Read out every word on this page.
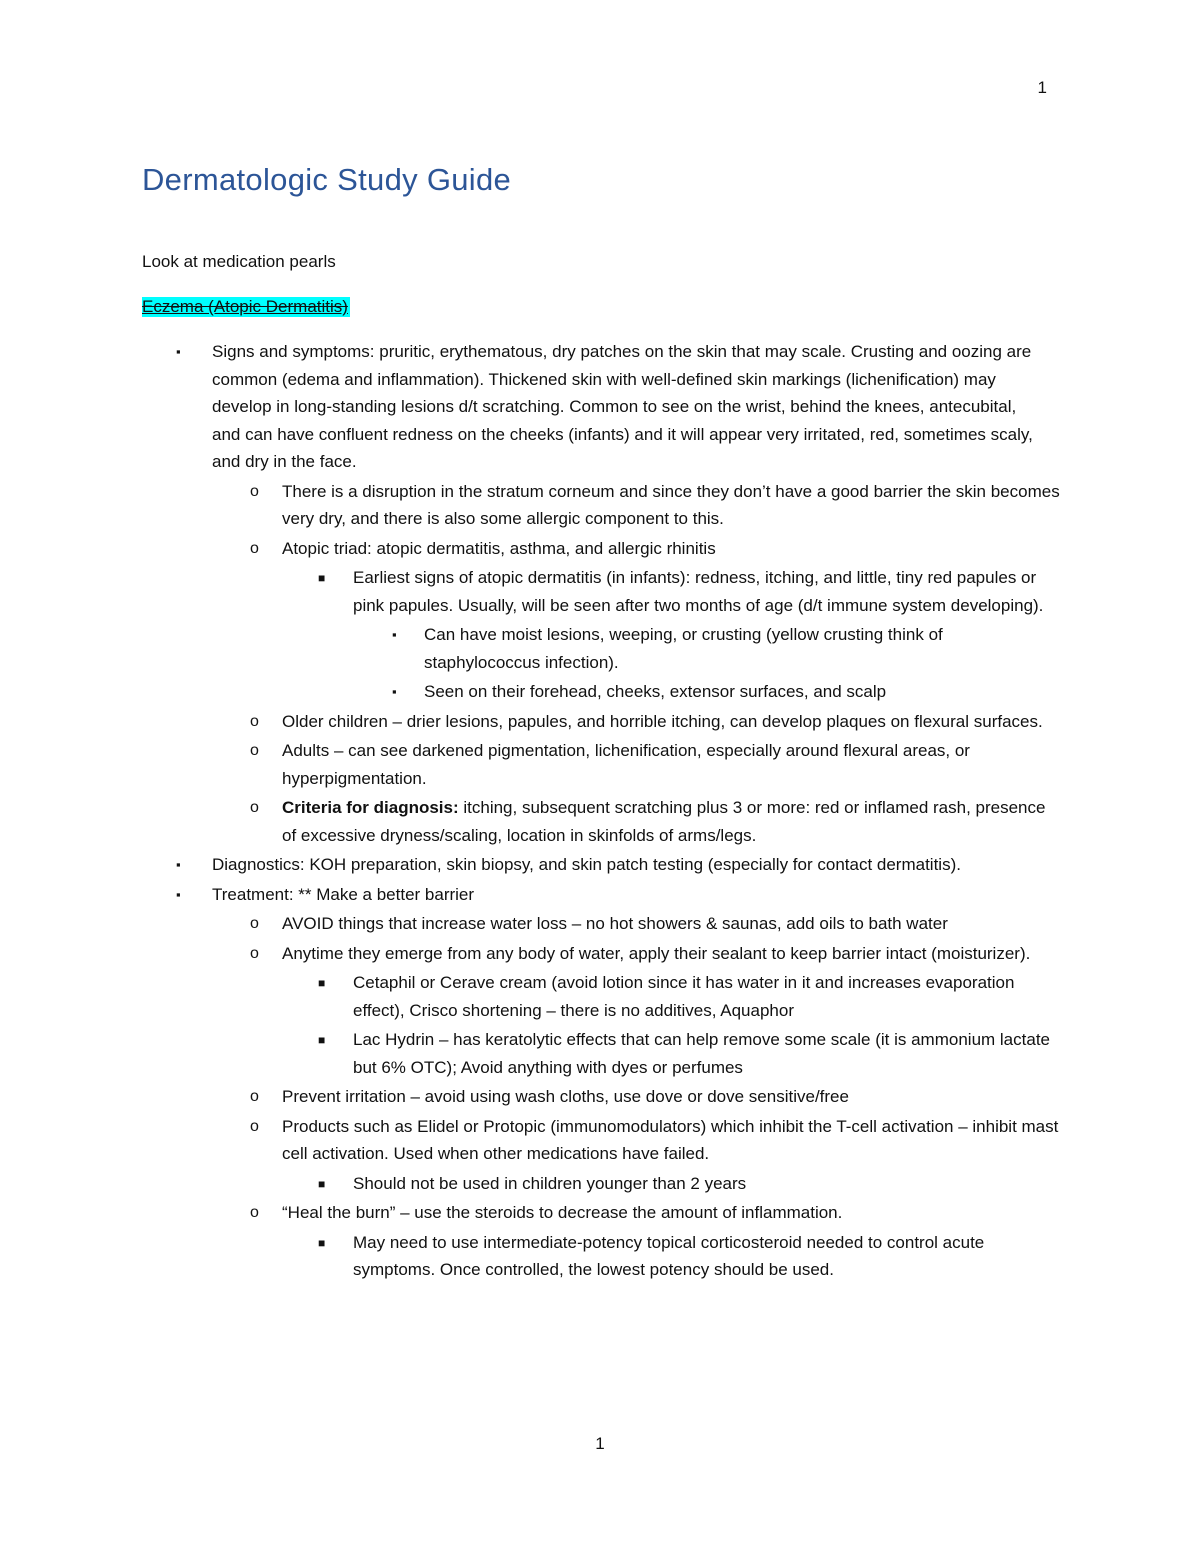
1
Dermatologic Study Guide
Look at medication pearls
Eczema (Atopic Dermatitis)
▪ Signs and symptoms: pruritic, erythematous, dry patches on the skin that may scale. Crusting and oozing are common (edema and inflammation). Thickened skin with well-defined skin markings (lichenification) may develop in long-standing lesions d/t scratching. Common to see on the wrist, behind the knees, antecubital, and can have confluent redness on the cheeks (infants) and it will appear very irritated, red, sometimes scaly, and dry in the face.
o There is a disruption in the stratum corneum and since they don’t have a good barrier the skin becomes very dry, and there is also some allergic component to this.
o Atopic triad: atopic dermatitis, asthma, and allergic rhinitis
■ Earliest signs of atopic dermatitis (in infants): redness, itching, and little, tiny red papules or pink papules. Usually, will be seen after two months of age (d/t immune system developing).
▪ Can have moist lesions, weeping, or crusting (yellow crusting think of staphylococcus infection).
▪ Seen on their forehead, cheeks, extensor surfaces, and scalp
o Older children – drier lesions, papules, and horrible itching, can develop plaques on flexural surfaces.
o Adults – can see darkened pigmentation, lichenification, especially around flexural areas, or hyperpigmentation.
o Criteria for diagnosis: itching, subsequent scratching plus 3 or more: red or inflamed rash, presence of excessive dryness/scaling, location in skinfolds of arms/legs.
▪ Diagnostics: KOH preparation, skin biopsy, and skin patch testing (especially for contact dermatitis).
▪ Treatment: ** Make a better barrier
o AVOID things that increase water loss – no hot showers & saunas, add oils to bath water
o Anytime they emerge from any body of water, apply their sealant to keep barrier intact (moisturizer).
■ Cetaphil or Cerave cream (avoid lotion since it has water in it and increases evaporation effect), Crisco shortening – there is no additives, Aquaphor
■ Lac Hydrin – has keratolytic effects that can help remove some scale (it is ammonium lactate but 6% OTC); Avoid anything with dyes or perfumes
o Prevent irritation – avoid using wash cloths, use dove or dove sensitive/free
o Products such as Elidel or Protopic (immunomodulators) which inhibit the T-cell activation – inhibit mast cell activation. Used when other medications have failed.
■ Should not be used in children younger than 2 years
o “Heal the burn” – use the steroids to decrease the amount of inflammation.
■ May need to use intermediate-potency topical corticosteroid needed to control acute symptoms. Once controlled, the lowest potency should be used.
1
